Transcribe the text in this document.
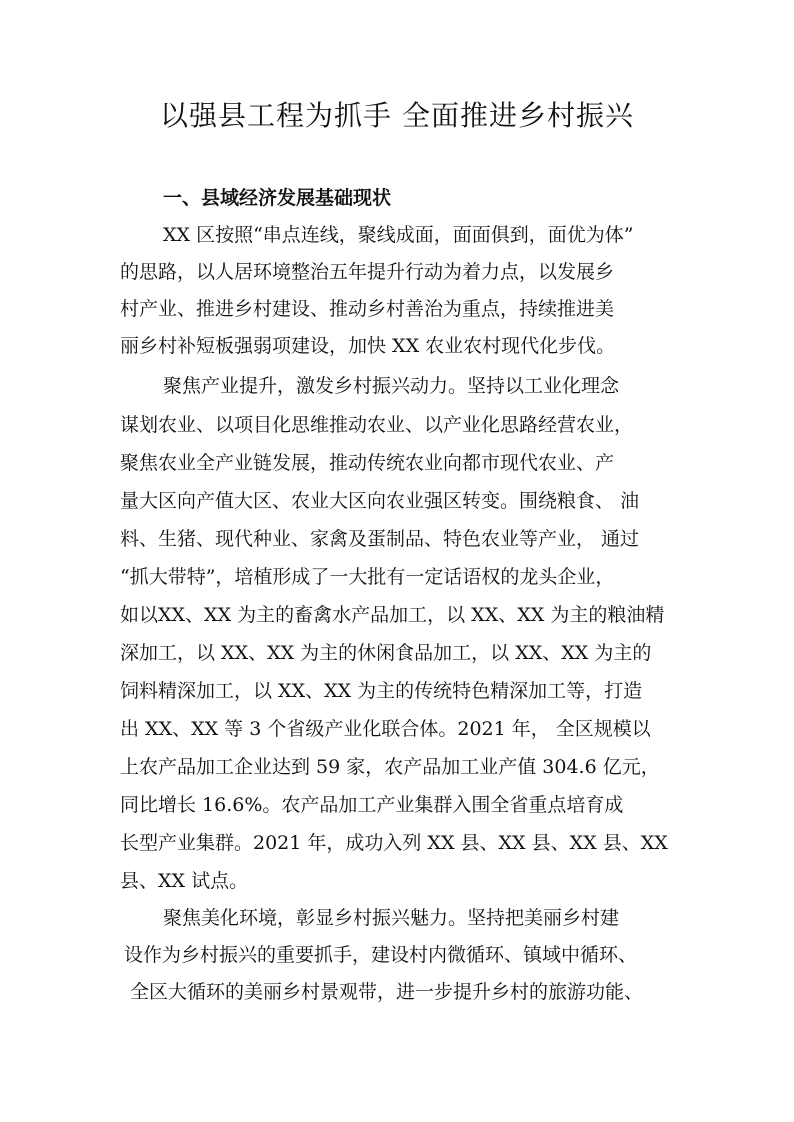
以强县工程为抓手 全面推进乡村振兴
一、县域经济发展基础现状
XX 区按照“串点连线，聚线成面，面面俱到，面优为体”
的思路，以人居环境整治五年提升行动为着力点，以发展乡
村产业、推进乡村建设、推动乡村善治为重点，持续推进美
丽乡村补短板强弱项建设，加快 XX 农业农村现代化步伐。
聚焦产业提升，激发乡村振兴动力。坚持以工业化理念
谋划农业、以项目化思维推动农业、以产业化思路经营农业，
聚焦农业全产业链发展，推动传统农业向都市现代农业、产
量大区向产值大区、农业大区向农业强区转变。围绕粮食、 油
料、生猪、现代种业、家禽及蛋制品、特色农业等产业， 通过
“抓大带特”，培植形成了一大批有一定话语权的龙头企业，
如以XX、XX 为主的畜禽水产品加工，以 XX、XX 为主的粮油精
深加工，以 XX、XX 为主的休闲食品加工，以 XX、XX 为主的
饲料精深加工，以 XX、XX 为主的传统特色精深加工等，打造
出 XX、XX 等 3 个省级产业化联合体。2021 年， 全区规模以
上农产品加工企业达到 59 家，农产品加工业产值 304.6 亿元，
同比增长 16.6%。农产品加工产业集群入围全省重点培育成
长型产业集群。2021 年，成功入列 XX 县、XX 县、XX 县、XX
县、XX 试点。
聚焦美化环境，彰显乡村振兴魅力。坚持把美丽乡村建
设作为乡村振兴的重要抓手，建设村内微循环、镇域中循环、
全区大循环的美丽乡村景观带，进一步提升乡村的旅游功能、
